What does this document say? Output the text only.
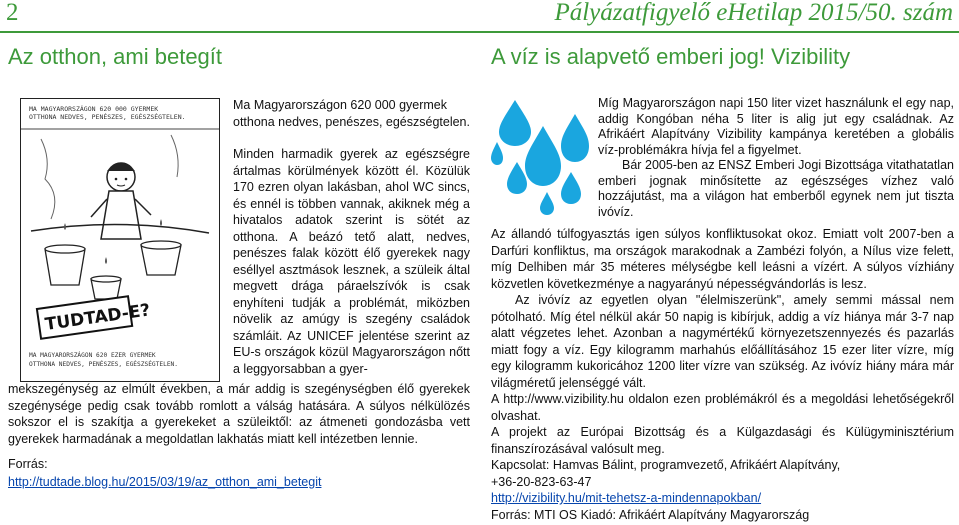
2	Pályázatfigyelő eHetilap 2015/50. szám
Az otthon, ami betegít
MA MAGYARORSZÁGON 620 000 GYERMEK
OTTHONA NEDVES, PENÉSZES, EGÉSZSÉGTELEN.
TUDTAD-E?
MA MAGYARORSZÁGON 620 EZER GYERMEK
OTTHONA NEDVES, PENÉSZES, EGÉSZSÉGTELEN.

Ma Magyarországon 620 000 gyermek otthona nedves, penészes, egészségtelen.

Minden harmadik gyerek az egészségre ártalmas körülmények között él. Közülük 170 ezren olyan lakásban, ahol WC sincs, és ennél is többen vannak, akiknek még a hivatalos adatok szerint is sötét az otthona. A beázó tető alatt, nedves, penészes falak között élő gyerekek nagy eséllyel asztmások lesznek, a szüleik által megvett drága páraelszívók is csak enyhíteni tudják a problémát, miközben növelik az amúgy is szegény családok számláit. Az UNICEF jelentése szerint az EU-s országok közül Magyarországon nőtt a leggyorsabban a gyer-

mekszegénység az elmúlt években, a már addig is szegénységben élő gyerekek szegénysége pedig csak tovább romlott a válság hatására. A súlyos nélkülözés sokszor el is szakítja a gyerekeket a szüleiktől: az átmeneti gondozásba vett gyerekek harmadának a megoldatlan lakhatás miatt kell intézetben lennie.

Forrás:
http://tudtade.blog.hu/2015/03/19/az_otthon_ami_betegit
A víz is alapvető emberi jog! Vizibility

Míg Magyarországon napi 150 liter vizet használunk el egy nap, addig Kongóban néha 5 liter is alig jut egy családnak. Az Afrikáért Alapítvány Vizibility kampánya keretében a globális víz-problémákra hívja fel a figyelmet.

Bár 2005-ben az ENSZ Emberi Jogi Bizottsága vitathatatlan emberi jognak minősítette az egészséges vízhez való hozzájutást, ma a világon hat emberből egynek nem jut tiszta ivóvíz.

Az állandó túlfogyasztás igen súlyos konfliktusokat okoz. Emiatt volt 2007-ben a Darfúri konfliktus, ma országok marakodnak a Zambézi folyón, a Nílus vize felett, míg Delhiben már 35 méteres mélységbe kell leásni a vízért. A súlyos vízhiány közvetlen következménye a nagyarányú népességvándorlás is lesz.

Az ivóvíz az egyetlen olyan "élelmiszerünk", amely semmi mással nem pótolható. Míg étel nélkül akár 50 napig is kibírjuk, addig a víz hiánya már 3-7 nap alatt végzetes lehet. Azonban a nagymértékű környezetszennyezés és pazarlás miatt fogy a víz. Egy kilogramm marhahús előállításához 15 ezer liter vízre, míg egy kilogramm kukoricához 1200 liter vízre van szükség. Az ivóvíz hiány mára már világméretű jelenséggé vált.

A http://www.vizibility.hu oldalon ezen problémákról és a megoldási lehetőségekről olvashat.

A projekt az Európai Bizottság és a Külgazdasági és Külügyminisztérium finanszírozásával valósult meg.

Kapcsolat: Hamvas Bálint, programvezető, Afrikáért Alapítvány,

+36-20-823-63-47

http://vizibility.hu/mit-tehetsz-a-mindennapokban/

Forrás: MTI OS Kiadó: Afrikáért Alapítvány Magyarország
